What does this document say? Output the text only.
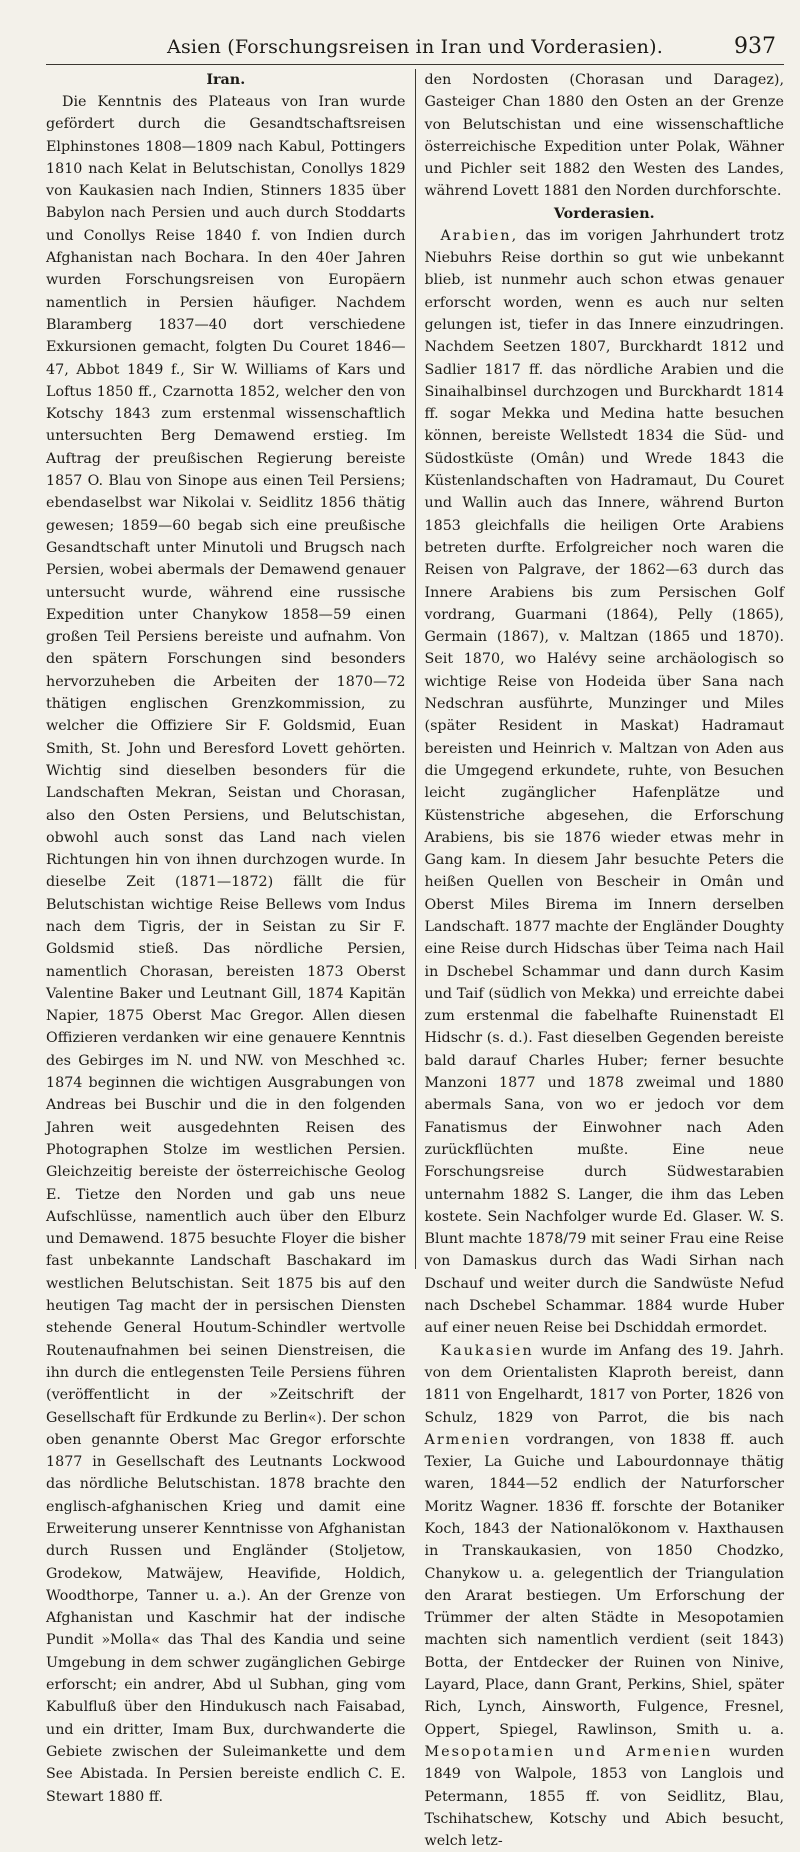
Asien (Forschungsreisen in Iran und Vorderasien).	937

Iran.

Die Kenntnis des Plateaus von Iran wurde gefördert durch die Gesandtschaftsreisen Elphinstones 1808—1809 nach Kabul, Pottingers 1810 nach Kelat in Belutschistan, Conollys 1829 von Kaukasien nach Indien, Stinners 1835 über Babylon nach Persien und auch durch Stoddarts und Conollys Reise 1840 f. von Indien durch Afghanistan nach Bochara. In den 40er Jahren wurden Forschungsreisen von Europäern namentlich in Persien häufiger. Nachdem Blaramberg 1837—40 dort verschiedene Exkursionen gemacht, folgten Du Couret 1846—47, Abbot 1849 f., Sir W. Williams of Kars und Loftus 1850 ff., Czarnotta 1852, welcher den von Kotschy 1843 zum erstenmal wissenschaftlich untersuchten Berg Demawend erstieg. Im Auftrag der preußischen Regierung bereiste 1857 O. Blau von Sinope aus einen Teil Persiens; ebendaselbst war Nikolai v. Seidlitz 1856 thätig gewesen; 1859—60 begab sich eine preußische Gesandtschaft unter Minutoli und Brugsch nach Persien, wobei abermals der Demawend genauer untersucht wurde, während eine russische Expedition unter Chanykow 1858—59 einen großen Teil Persiens bereiste und aufnahm. Von den spätern Forschungen sind besonders hervorzuheben die Arbeiten der 1870—72 thätigen englischen Grenzkommission, zu welcher die Offiziere Sir F. Goldsmid, Euan Smith, St. John und Beresford Lovett gehörten. Wichtig sind dieselben besonders für die Landschaften Mekran, Seistan und Chorasan, also den Osten Persiens, und Belutschistan, obwohl auch sonst das Land nach vielen Richtungen hin von ihnen durchzogen wurde. In dieselbe Zeit (1871—1872) fällt die für Belutschistan wichtige Reise Bellews vom Indus nach dem Tigris, der in Seistan zu Sir F. Goldsmid stieß. Das nördliche Persien, namentlich Chorasan, bereisten 1873 Oberst Valentine Baker und Leutnant Gill, 1874 Kapitän Napier, 1875 Oberst Mac Gregor. Allen diesen Offizieren verdanken wir eine genauere Kenntnis des Gebirges im N. und NW. von Meschhed ꝛc. 1874 beginnen die wichtigen Ausgrabungen von Andreas bei Buschir und die in den folgenden Jahren weit ausgedehnten Reisen des Photographen Stolze im westlichen Persien. Gleichzeitig bereiste der österreichische Geolog E. Tietze den Norden und gab uns neue Aufschlüsse, namentlich auch über den Elburz und Demawend. 1875 besuchte Floyer die bisher fast unbekannte Landschaft Baschakard im westlichen Belutschistan. Seit 1875 bis auf den heutigen Tag macht der in persischen Diensten stehende General Houtum-Schindler wertvolle Routenaufnahmen bei seinen Dienstreisen, die ihn durch die entlegensten Teile Persiens führen (veröffentlicht in der »Zeitschrift der Gesellschaft für Erdkunde zu Berlin«). Der schon oben genannte Oberst Mac Gregor erforschte 1877 in Gesellschaft des Leutnants Lockwood das nördliche Belutschistan. 1878 brachte den englisch-afghanischen Krieg und damit eine Erweiterung unserer Kenntnisse von Afghanistan durch Russen und Engländer (Stoljetow, Grodekow, Matwäjew, Heavifide, Holdich, Woodthorpe, Tanner u. a.). An der Grenze von Afghanistan und Kaschmir hat der indische Pundit »Molla« das Thal des Kandia und seine Umgebung in dem schwer zugänglichen Gebirge erforscht; ein andrer, Abd ul Subhan, ging vom Kabulfluß über den Hindukusch nach Faisabad, und ein dritter, Imam Bux, durchwanderte die Gebiete zwischen der Suleimankette und dem See Abistada. In Persien bereiste endlich C. E. Stewart 1880 ff.

den Nordosten (Chorasan und Daragez), Gasteiger Chan 1880 den Osten an der Grenze von Belutschistan und eine wissenschaftliche österreichische Expedition unter Polak, Wähner und Pichler seit 1882 den Westen des Landes, während Lovett 1881 den Norden durchforschte.

Vorderasien.

Arabien, das im vorigen Jahrhundert trotz Niebuhrs Reise dorthin so gut wie unbekannt blieb, ist nunmehr auch schon etwas genauer erforscht worden, wenn es auch nur selten gelungen ist, tiefer in das Innere einzudringen. Nachdem Seetzen 1807, Burckhardt 1812 und Sadlier 1817 ff. das nördliche Arabien und die Sinaihalbinsel durchzogen und Burckhardt 1814 ff. sogar Mekka und Medina hatte besuchen können, bereiste Wellstedt 1834 die Süd- und Südostküste (Omân) und Wrede 1843 die Küstenlandschaften von Hadramaut, Du Couret und Wallin auch das Innere, während Burton 1853 gleichfalls die heiligen Orte Arabiens betreten durfte. Erfolgreicher noch waren die Reisen von Palgrave, der 1862—63 durch das Innere Arabiens bis zum Persischen Golf vordrang, Guarmani (1864), Pelly (1865), Germain (1867), v. Maltzan (1865 und 1870). Seit 1870, wo Halévy seine archäologisch so wichtige Reise von Hodeida über Sana nach Nedschran ausführte, Munzinger und Miles (später Resident in Maskat) Hadramaut bereisten und Heinrich v. Maltzan von Aden aus die Umgegend erkundete, ruhte, von Besuchen leicht zugänglicher Hafenplätze und Küstenstriche abgesehen, die Erforschung Arabiens, bis sie 1876 wieder etwas mehr in Gang kam. In diesem Jahr besuchte Peters die heißen Quellen von Bescheir in Omân und Oberst Miles Birema im Innern derselben Landschaft. 1877 machte der Engländer Doughty eine Reise durch Hidschas über Teima nach Hail in Dschebel Schammar und dann durch Kasim und Taif (südlich von Mekka) und erreichte dabei zum erstenmal die fabelhafte Ruinenstadt El Hidschr (s. d.). Fast dieselben Gegenden bereiste bald darauf Charles Huber; ferner besuchte Manzoni 1877 und 1878 zweimal und 1880 abermals Sana, von wo er jedoch vor dem Fanatismus der Einwohner nach Aden zurückflüchten mußte. Eine neue Forschungsreise durch Südwestarabien unternahm 1882 S. Langer, die ihm das Leben kostete. Sein Nachfolger wurde Ed. Glaser. W. S. Blunt machte 1878/79 mit seiner Frau eine Reise von Damaskus durch das Wadi Sirhan nach Dschauf und weiter durch die Sandwüste Nefud nach Dschebel Schammar. 1884 wurde Huber auf einer neuen Reise bei Dschiddah ermordet.

Kaukasien wurde im Anfang des 19. Jahrh. von dem Orientalisten Klaproth bereist, dann 1811 von Engelhardt, 1817 von Porter, 1826 von Schulz, 1829 von Parrot, die bis nach Armenien vordrangen, von 1838 ff. auch Texier, La Guiche und Labourdonnaye thätig waren, 1844—52 endlich der Naturforscher Moritz Wagner. 1836 ff. forschte der Botaniker Koch, 1843 der Nationalökonom v. Haxthausen in Transkaukasien, von 1850 Chodzko, Chanykow u. a. gelegentlich der Triangulation den Ararat bestiegen. Um Erforschung der Trümmer der alten Städte in Mesopotamien machten sich namentlich verdient (seit 1843) Botta, der Entdecker der Ruinen von Ninive, Layard, Place, dann Grant, Perkins, Shiel, später Rich, Lynch, Ainsworth, Fulgence, Fresnel, Oppert, Spiegel, Rawlinson, Smith u. a. Mesopotamien und Armenien wurden 1849 von Walpole, 1853 von Langlois und Petermann, 1855 ff. von Seidlitz, Blau, Tschihatschew, Kotschy und Abich besucht, welch letz-
